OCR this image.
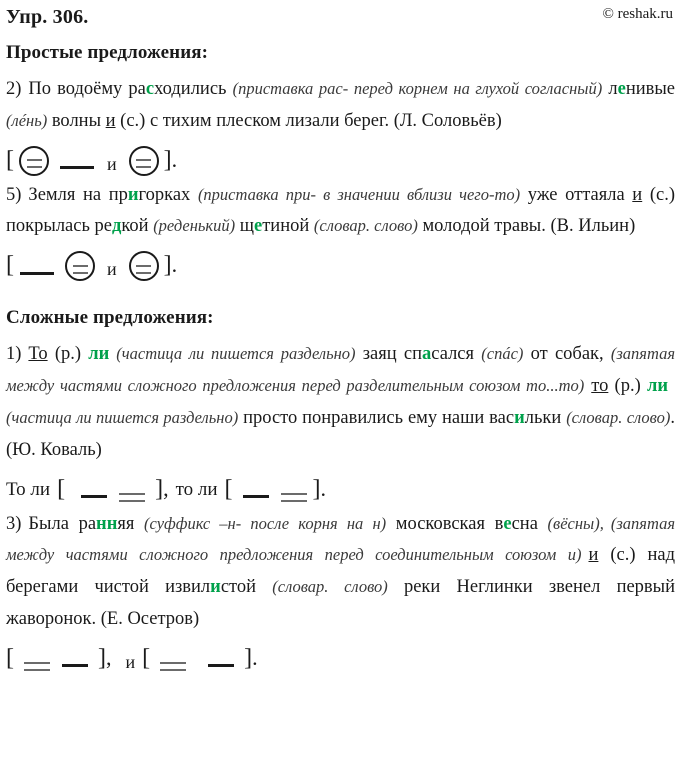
Упр. 306.	© reshak.ru
Простые предложения:
2) По водоёму расходились (приставка рас- перед корнем на глухой согласный) ленивые (лéнь) волны и (с.) с тихим плеском лизали берег. (Л. Соловьёв)
[	и ] .
5) Земля на пригорках (приставка при- в значении вблизи чего-то) уже оттаяла и (с.) покрылась редкой (реденький) щетиной (словар. слово) молодой травы. (В. Ильин)
[	и ] .
Сложные предложения:
1) То (р.) ли (частица ли пишется раздельно) заяц спасался (спáс) от собак, (запятая между частями сложного предложения перед разделительным союзом то...то) то (р.) ли(частица ли пишется раздельно) просто понравились ему наши васильки (словар. слово). (Ю. Коваль)
То ли [	] , то ли [	] .
3) Была ранняя (суффикс –н- после корня на н) московская весна (вёсны), (запятая между частями сложного предложения перед соединительным союзом и) и (с.) над берегами чистой извилистой (словар. слово) реки Неглинки звенел первый жаворонок. (Е. Осетров)
[	] , и [	] .
